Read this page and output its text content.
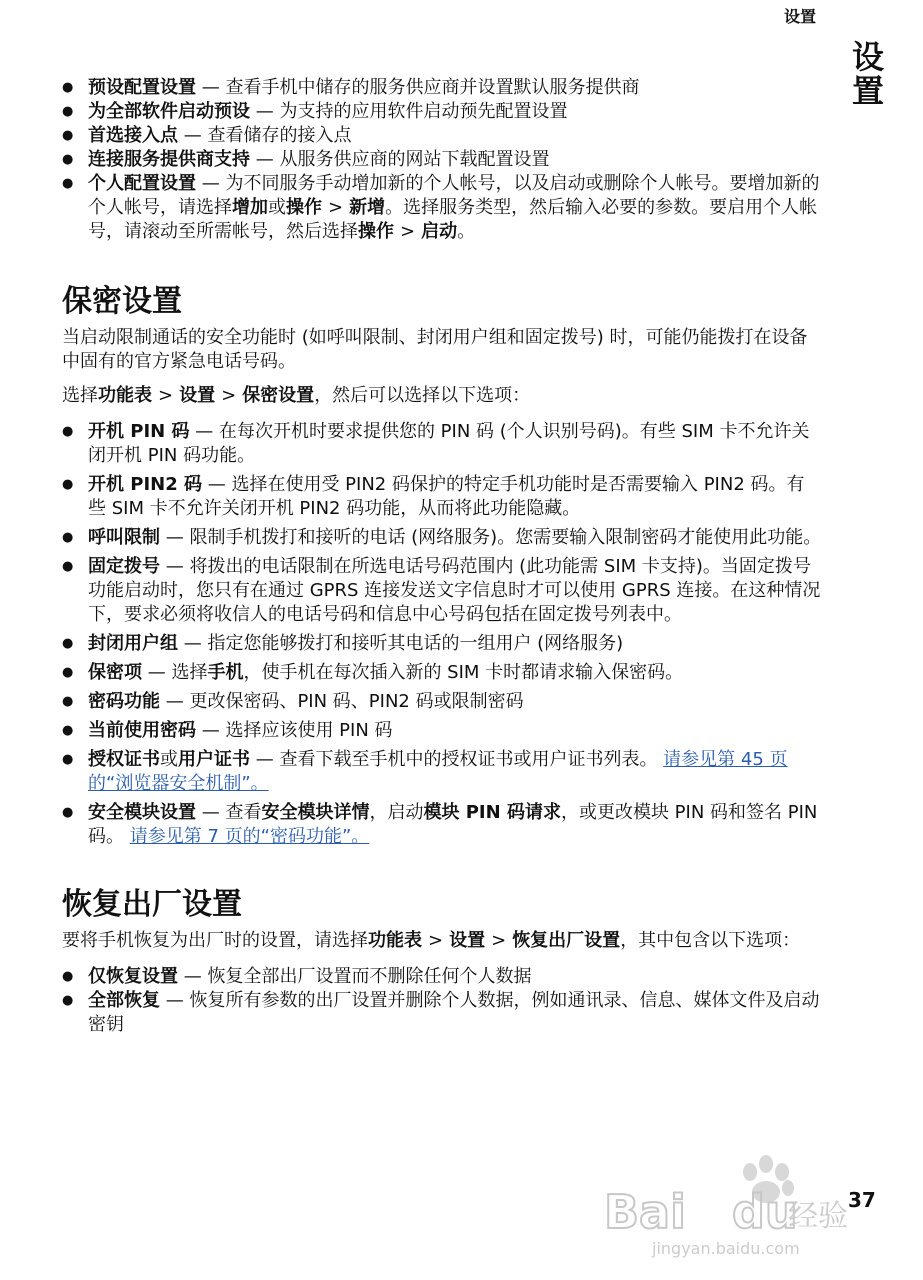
设置
设置
● 预设配置设置 — 查看手机中储存的服务供应商并设置默认服务提供商
● 为全部软件启动预设 — 为支持的应用软件启动预先配置设置
● 首选接入点 — 查看储存的接入点
● 连接服务提供商支持 — 从服务供应商的网站下载配置设置
● 个人配置设置 — 为不同服务手动增加新的个人帐号，以及启动或删除个人帐号。要增加新的个人帐号，请选择增加或操作 > 新增。选择服务类型，然后输入必要的参数。要启用个人帐号，请滚动至所需帐号，然后选择操作 > 启动。
保密设置

当启动限制通话的安全功能时 (如呼叫限制、封闭用户组和固定拨号) 时，可能仍能拨打在设备中固有的官方紧急电话号码。

选择功能表 > 设置 > 保密设置，然后可以选择以下选项：

● 开机 PIN 码 — 在每次开机时要求提供您的 PIN 码 (个人识别号码)。有些 SIM 卡不允许关闭开机 PIN 码功能。
● 开机 PIN2 码 — 选择在使用受 PIN2 码保护的特定手机功能时是否需要输入 PIN2 码。有些 SIM 卡不允许关闭开机 PIN2 码功能，从而将此功能隐藏。
● 呼叫限制 — 限制手机拨打和接听的电话 (网络服务)。您需要输入限制密码才能使用此功能。
● 固定拨号 — 将拨出的电话限制在所选电话号码范围内 (此功能需 SIM 卡支持)。当固定拨号功能启动时，您只有在通过 GPRS 连接发送文字信息时才可以使用 GPRS 连接。在这种情况下，要求必须将收信人的电话号码和信息中心号码包括在固定拨号列表中。
● 封闭用户组 — 指定您能够拨打和接听其电话的一组用户 (网络服务)
● 保密项 — 选择手机，使手机在每次插入新的 SIM 卡时都请求输入保密码。
● 密码功能 — 更改保密码、PIN 码、PIN2 码或限制密码
● 当前使用密码 — 选择应该使用 PIN 码
● 授权证书或用户证书 — 查看下载至手机中的授权证书或用户证书列表。 请参见第 45 页的“浏览器安全机制”。
● 安全模块设置 — 查看安全模块详情，启动模块 PIN 码请求，或更改模块 PIN 码和签名 PIN 码。 请参见第 7 页的“密码功能”。
恢复出厂设置

要将手机恢复为出厂时的设置，请选择功能表 > 设置 > 恢复出厂设置，其中包含以下选项：

● 仅恢复设置 — 恢复全部出厂设置而不删除任何个人数据
● 全部恢复 — 恢复所有参数的出厂设置并删除个人数据，例如通讯录、信息、媒体文件及启动密钥
Bai du
经验
jingyan.baidu.com
37
